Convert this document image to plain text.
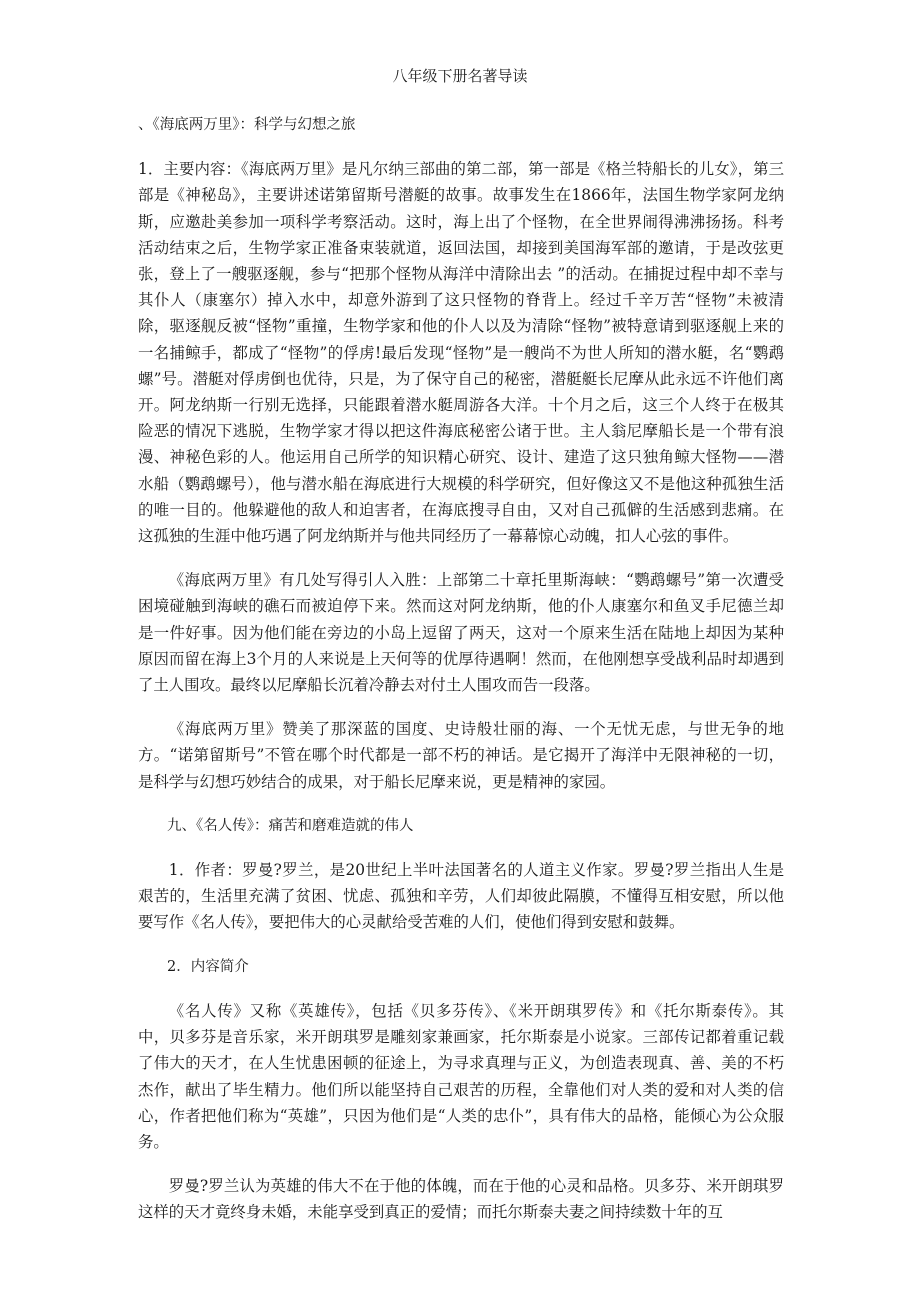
八年级下册名著导读

、《海底两万里》：科学与幻想之旅

1．主要内容：《海底两万里》是凡尔纳三部曲的第二部，第一部是《格兰特船长的儿女》，第三部是《神秘岛》，主要讲述诺第留斯号潜艇的故事。故事发生在1866年，法国生物学家阿龙纳斯，应邀赴美参加一项科学考察活动。这时，海上出了个怪物，在全世界闹得沸沸扬扬。科考活动结束之后，生物学家正准备束装就道，返回法国，却接到美国海军部的邀请，于是改弦更张，登上了一艘驱逐舰，参与“把那个怪物从海洋中清除出去 ”的活动。在捕捉过程中却不幸与其仆人（康塞尔）掉入水中，却意外游到了这只怪物的脊背上。经过千辛万苦“怪物”未被清除，驱逐舰反被“怪物”重撞，生物学家和他的仆人以及为清除“怪物”被特意请到驱逐舰上来的一名捕鲸手，都成了“怪物”的俘虏!最后发现“怪物”是一艘尚不为世人所知的潜水艇，名“鹦鹉螺”号。潜艇对俘虏倒也优待，只是，为了保守自己的秘密，潜艇艇长尼摩从此永远不许他们离开。阿龙纳斯一行别无选择，只能跟着潜水艇周游各大洋。十个月之后，这三个人终于在极其险恶的情况下逃脱，生物学家才得以把这件海底秘密公诸于世。主人翁尼摩船长是一个带有浪漫、神秘色彩的人。他运用自己所学的知识精心研究、设计、建造了这只独角鲸大怪物——潜水船（鹦鹉螺号），他与潜水船在海底进行大规模的科学研究，但好像这又不是他这种孤独生活的唯一目的。他躲避他的敌人和迫害者，在海底搜寻自由，又对自己孤僻的生活感到悲痛。在这孤独的生涯中他巧遇了阿龙纳斯并与他共同经历了一幕幕惊心动魄，扣人心弦的事件。

《海底两万里》有几处写得引人入胜：上部第二十章托里斯海峡：“鹦鹉螺号”第一次遭受困境碰触到海峡的礁石而被迫停下来。然而这对阿龙纳斯，他的仆人康塞尔和鱼叉手尼德兰却是一件好事。因为他们能在旁边的小岛上逗留了两天，这对一个原来生活在陆地上却因为某种原因而留在海上3个月的人来说是上天何等的优厚待遇啊！然而，在他刚想享受战利品时却遇到了土人围攻。最终以尼摩船长沉着冷静去对付土人围攻而告一段落。

《海底两万里》赞美了那深蓝的国度、史诗般壮丽的海、一个无忧无虑，与世无争的地方。“诺第留斯号”不管在哪个时代都是一部不朽的神话。是它揭开了海洋中无限神秘的一切，是科学与幻想巧妙结合的成果，对于船长尼摩来说，更是精神的家园。

九、《名人传》：痛苦和磨难造就的伟人

1．作者：罗曼?罗兰，是20世纪上半叶法国著名的人道主义作家。罗曼?罗兰指出人生是艰苦的，生活里充满了贫困、忧虑、孤独和辛劳，人们却彼此隔膜，不懂得互相安慰，所以他要写作《名人传》，要把伟大的心灵献给受苦难的人们，使他们得到安慰和鼓舞。

2．内容简介

《名人传》又称《英雄传》，包括《贝多芬传》、《米开朗琪罗传》和《托尔斯泰传》。其中，贝多芬是音乐家，米开朗琪罗是雕刻家兼画家，托尔斯泰是小说家。三部传记都着重记载了伟大的天才，在人生忧患困顿的征途上，为寻求真理与正义，为创造表现真、善、美的不朽杰作，献出了毕生精力。他们所以能坚持自己艰苦的历程，全靠他们对人类的爱和对人类的信心，作者把他们称为“英雄”，只因为他们是“人类的忠仆”，具有伟大的品格，能倾心为公众服务。

罗曼?罗兰认为英雄的伟大不在于他的体魄，而在于他的心灵和品格。贝多芬、米开朗琪罗这样的天才竟终身未婚，未能享受到真正的爱情；而托尔斯泰夫妻之间持续数十年的互
